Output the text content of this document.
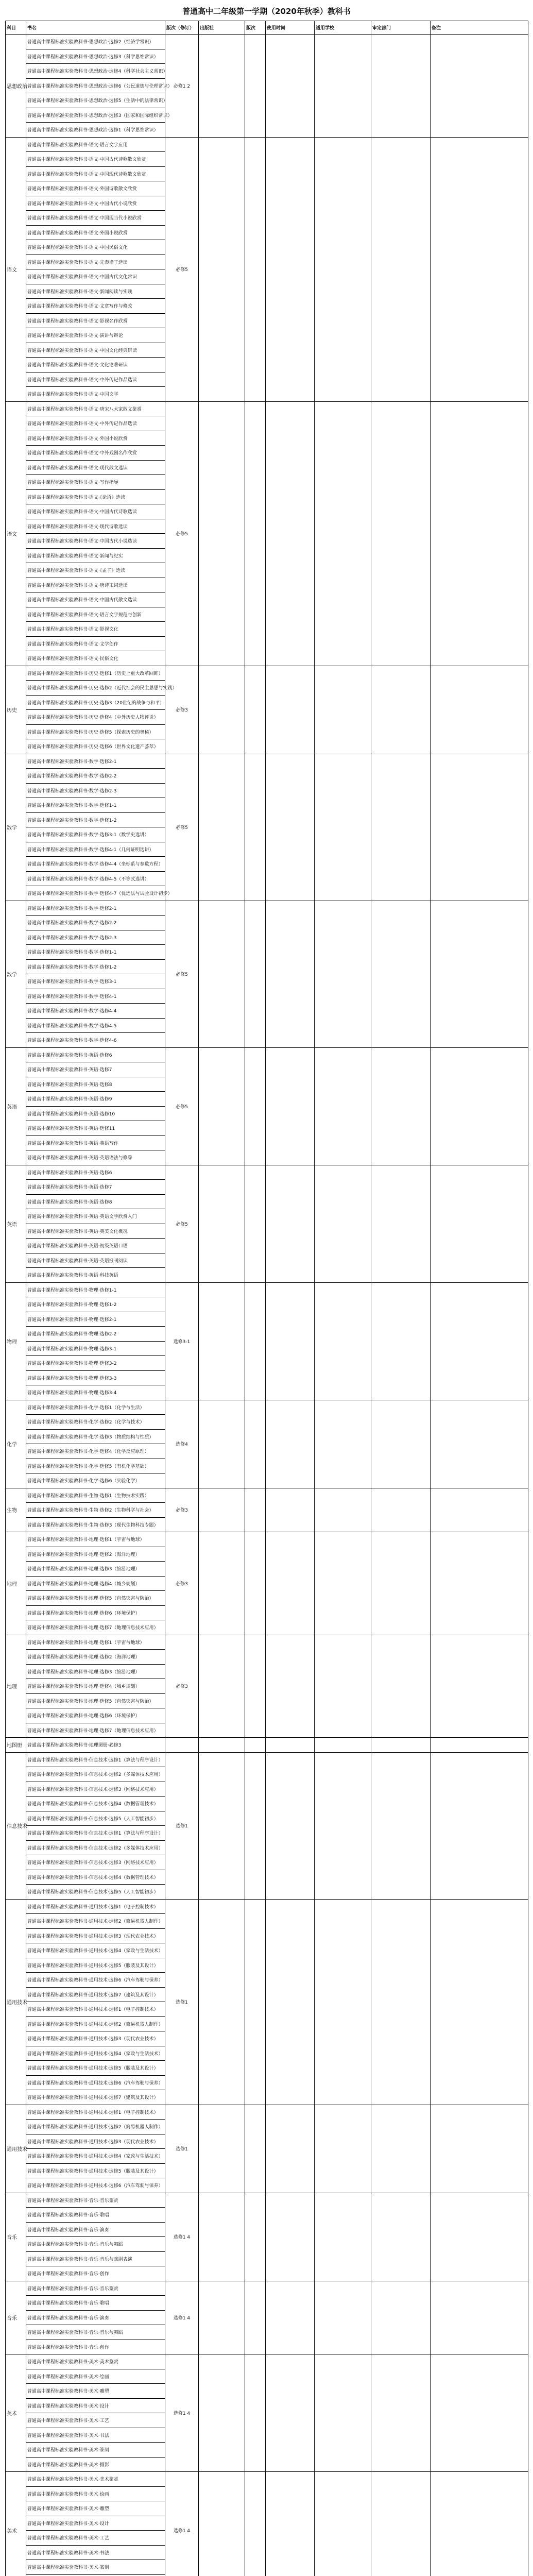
普通高中二年级第一学期（2020年秋季）教科书
科目	书名	版次（修订）	出版社	版次	使用时间	适用学校	审定部门	备注
思想政治	普通高中课程标准实验教科书·思想政治·选修2（经济学常识）	必修1 2						
	普通高中课程标准实验教科书·思想政治·选修3（科学思维常识）							
	普通高中课程标准实验教科书·思想政治·选修4（科学社会主义常识）							
	普通高中课程标准实验教科书·思想政治·选修6（公民道德与伦理常识）							
	普通高中课程标准实验教科书·思想政治·选修5（生活中的法律常识）							
	普通高中课程标准实验教科书·思想政治·选修3（国家和国际组织常识）							
	普通高中课程标准实验教科书·思想政治·选修1（科学思维常识）							
语文	普通高中课程标准实验教科书·语文·语言文字应用	必修5						
	普通高中课程标准实验教科书·语文·中国古代诗歌散文欣赏							
	普通高中课程标准实验教科书·语文·中国现代诗歌散文欣赏							
	普通高中课程标准实验教科书·语文·外国诗歌散文欣赏							
	普通高中课程标准实验教科书·语文·中国古代小说欣赏							
	普通高中课程标准实验教科书·语文·中国现当代小说欣赏							
	普通高中课程标准实验教科书·语文·外国小说欣赏							
	普通高中课程标准实验教科书·语文·中国民俗文化							
	普通高中课程标准实验教科书·语文·先秦诸子选读							
	普通高中课程标准实验教科书·语文·中国古代文化常识							
	普通高中课程标准实验教科书·语文·新闻阅读与实践							
	普通高中课程标准实验教科书·语文·文章写作与修改							
	普通高中课程标准实验教科书·语文·影视名作欣赏							
	普通高中课程标准实验教科书·语文·演讲与辩论							
	普通高中课程标准实验教科书·语文·中国文化经典研读							
	普通高中课程标准实验教科书·语文·文化论著研读							
	普通高中课程标准实验教科书·语文·中外传记作品选读							
	普通高中课程标准实验教科书·语文·中国文学							
语文	普通高中课程标准实验教科书·语文·唐宋八大家散文鉴赏	必修5						
	普通高中课程标准实验教科书·语文·中外传记作品选读							
	普通高中课程标准实验教科书·语文·外国小说欣赏							
	普通高中课程标准实验教科书·语文·中外戏剧名作欣赏							
	普通高中课程标准实验教科书·语文·现代散文选读							
	普通高中课程标准实验教科书·语文·写作指导							
	普通高中课程标准实验教科书·语文·《论语》选读							
	普通高中课程标准实验教科书·语文·中国古代诗歌选读							
	普通高中课程标准实验教科书·语文·现代诗歌选读							
	普通高中课程标准实验教科书·语文·中国古代小说选读							
	普通高中课程标准实验教科书·语文·新闻与纪实							
	普通高中课程标准实验教科书·语文·《孟子》选读							
	普通高中课程标准实验教科书·语文·唐诗宋词选读							
	普通高中课程标准实验教科书·语文·中国古代散文选读							
	普通高中课程标准实验教科书·语文·语言文字规范与创新							
	普通高中课程标准实验教科书·语文·影视文化							
	普通高中课程标准实验教科书·语文·文学创作							
	普通高中课程标准实验教科书·语文·民俗文化							
历史	普通高中课程标准实验教科书·历史·选修1（历史上重大改革回眸）	必修3						
	普通高中课程标准实验教科书·历史·选修2（近代社会的民主思想与实践）							
	普通高中课程标准实验教科书·历史·选修3（20世纪的战争与和平）							
	普通高中课程标准实验教科书·历史·选修4（中外历史人物评说）							
	普通高中课程标准实验教科书·历史·选修5（探索历史的奥秘）							
	普通高中课程标准实验教科书·历史·选修6（世界文化遗产荟萃）							
数学	普通高中课程标准实验教科书·数学·选修2-1	必修5						
	普通高中课程标准实验教科书·数学·选修2-2							
	普通高中课程标准实验教科书·数学·选修2-3							
	普通高中课程标准实验教科书·数学·选修1-1							
	普通高中课程标准实验教科书·数学·选修1-2							
	普通高中课程标准实验教科书·数学·选修3-1（数学史选讲）							
	普通高中课程标准实验教科书·数学·选修4-1（几何证明选讲）							
	普通高中课程标准实验教科书·数学·选修4-4（坐标系与参数方程）							
	普通高中课程标准实验教科书·数学·选修4-5（不等式选讲）							
	普通高中课程标准实验教科书·数学·选修4-7（优选法与试验设计初步）							
数学	普通高中课程标准实验教科书·数学·选修2-1	必修5						
	普通高中课程标准实验教科书·数学·选修2-2							
	普通高中课程标准实验教科书·数学·选修2-3							
	普通高中课程标准实验教科书·数学·选修1-1							
	普通高中课程标准实验教科书·数学·选修1-2							
	普通高中课程标准实验教科书·数学·选修3-1							
	普通高中课程标准实验教科书·数学·选修4-1							
	普通高中课程标准实验教科书·数学·选修4-4							
	普通高中课程标准实验教科书·数学·选修4-5							
	普通高中课程标准实验教科书·数学·选修4-6							
英语	普通高中课程标准实验教科书·英语·选修6	必修5						
	普通高中课程标准实验教科书·英语·选修7							
	普通高中课程标准实验教科书·英语·选修8							
	普通高中课程标准实验教科书·英语·选修9							
	普通高中课程标准实验教科书·英语·选修10							
	普通高中课程标准实验教科书·英语·选修11							
	普通高中课程标准实验教科书·英语·英语写作							
	普通高中课程标准实验教科书·英语·英语语法与修辞							
英语	普通高中课程标准实验教科书·英语·选修6	必修5						
	普通高中课程标准实验教科书·英语·选修7							
	普通高中课程标准实验教科书·英语·选修8							
	普通高中课程标准实验教科书·英语·英语文学欣赏入门							
	普通高中课程标准实验教科书·英语·英美文化概况							
	普通高中课程标准实验教科书·英语·初级英语口语							
	普通高中课程标准实验教科书·英语·英语报刊阅读							
	普通高中课程标准实验教科书·英语·科技英语							
物理	普通高中课程标准实验教科书·物理·选修1-1	选修3-1						
	普通高中课程标准实验教科书·物理·选修1-2							
	普通高中课程标准实验教科书·物理·选修2-1							
	普通高中课程标准实验教科书·物理·选修2-2							
	普通高中课程标准实验教科书·物理·选修3-1							
	普通高中课程标准实验教科书·物理·选修3-2							
	普通高中课程标准实验教科书·物理·选修3-3							
	普通高中课程标准实验教科书·物理·选修3-4							
化学	普通高中课程标准实验教科书·化学·选修1（化学与生活）	选修4						
	普通高中课程标准实验教科书·化学·选修2（化学与技术）							
	普通高中课程标准实验教科书·化学·选修3（物质结构与性质）							
	普通高中课程标准实验教科书·化学·选修4（化学反应原理）							
	普通高中课程标准实验教科书·化学·选修5（有机化学基础）							
	普通高中课程标准实验教科书·化学·选修6（实验化学）							
生物	普通高中课程标准实验教科书·生物·选修1（生物技术实践）	必修3						
	普通高中课程标准实验教科书·生物·选修2（生物科学与社会）							
	普通高中课程标准实验教科书·生物·选修3（现代生物科技专题）							
地理	普通高中课程标准实验教科书·地理·选修1（宇宙与地球）	必修3						
	普通高中课程标准实验教科书·地理·选修2（海洋地理）							
	普通高中课程标准实验教科书·地理·选修3（旅游地理）							
	普通高中课程标准实验教科书·地理·选修4（城乡规划）							
	普通高中课程标准实验教科书·地理·选修5（自然灾害与防治）							
	普通高中课程标准实验教科书·地理·选修6（环境保护）							
	普通高中课程标准实验教科书·地理·选修7（地理信息技术应用）							
地理	普通高中课程标准实验教科书·地理·选修1（宇宙与地球）	必修3						
	普通高中课程标准实验教科书·地理·选修2（海洋地理）							
	普通高中课程标准实验教科书·地理·选修3（旅游地理）							
	普通高中课程标准实验教科书·地理·选修4（城乡规划）							
	普通高中课程标准实验教科书·地理·选修5（自然灾害与防治）							
	普通高中课程标准实验教科书·地理·选修6（环境保护）							
	普通高中课程标准实验教科书·地理·选修7（地理信息技术应用）							
地图册	普通高中课程标准实验教科书·地理图册·必修3							
信息技术	普通高中课程标准实验教科书·信息技术·选修1（算法与程序设计）	选修1						
	普通高中课程标准实验教科书·信息技术·选修2（多媒体技术应用）							
	普通高中课程标准实验教科书·信息技术·选修3（网络技术应用）							
	普通高中课程标准实验教科书·信息技术·选修4（数据管理技术）							
	普通高中课程标准实验教科书·信息技术·选修5（人工智能初步）							
	普通高中课程标准实验教科书·信息技术·选修1（算法与程序设计）							
	普通高中课程标准实验教科书·信息技术·选修2（多媒体技术应用）							
	普通高中课程标准实验教科书·信息技术·选修3（网络技术应用）							
	普通高中课程标准实验教科书·信息技术·选修4（数据管理技术）							
	普通高中课程标准实验教科书·信息技术·选修5（人工智能初步）							
通用技术	普通高中课程标准实验教科书·通用技术·选修1（电子控制技术）	选修1						
	普通高中课程标准实验教科书·通用技术·选修2（简易机器人制作）							
	普通高中课程标准实验教科书·通用技术·选修3（现代农业技术）							
	普通高中课程标准实验教科书·通用技术·选修4（家政与生活技术）							
	普通高中课程标准实验教科书·通用技术·选修5（服装及其设计）							
	普通高中课程标准实验教科书·通用技术·选修6（汽车驾驶与保养）							
	普通高中课程标准实验教科书·通用技术·选修7（建筑及其设计）							
	普通高中课程标准实验教科书·通用技术·选修1（电子控制技术）							
	普通高中课程标准实验教科书·通用技术·选修2（简易机器人制作）							
	普通高中课程标准实验教科书·通用技术·选修3（现代农业技术）							
	普通高中课程标准实验教科书·通用技术·选修4（家政与生活技术）							
	普通高中课程标准实验教科书·通用技术·选修5（服装及其设计）							
	普通高中课程标准实验教科书·通用技术·选修6（汽车驾驶与保养）							
	普通高中课程标准实验教科书·通用技术·选修7（建筑及其设计）							
通用技术	普通高中课程标准实验教科书·通用技术·选修1（电子控制技术）	选修1						
	普通高中课程标准实验教科书·通用技术·选修2（简易机器人制作）							
	普通高中课程标准实验教科书·通用技术·选修3（现代农业技术）							
	普通高中课程标准实验教科书·通用技术·选修4（家政与生活技术）							
	普通高中课程标准实验教科书·通用技术·选修5（服装及其设计）							
	普通高中课程标准实验教科书·通用技术·选修6（汽车驾驶与保养）							
音乐	普通高中课程标准实验教科书·音乐·音乐鉴赏	选修1 4						
	普通高中课程标准实验教科书·音乐·歌唱							
	普通高中课程标准实验教科书·音乐·演奏							
	普通高中课程标准实验教科书·音乐·音乐与舞蹈							
	普通高中课程标准实验教科书·音乐·音乐与戏剧表演							
	普通高中课程标准实验教科书·音乐·创作							
音乐	普通高中课程标准实验教科书·音乐·音乐鉴赏	选修1 4						
	普通高中课程标准实验教科书·音乐·歌唱							
	普通高中课程标准实验教科书·音乐·演奏							
	普通高中课程标准实验教科书·音乐·音乐与舞蹈							
	普通高中课程标准实验教科书·音乐·创作							
美术	普通高中课程标准实验教科书·美术·美术鉴赏	选修1 4						
	普通高中课程标准实验教科书·美术·绘画							
	普通高中课程标准实验教科书·美术·雕塑							
	普通高中课程标准实验教科书·美术·设计							
	普通高中课程标准实验教科书·美术·工艺							
	普通高中课程标准实验教科书·美术·书法							
	普通高中课程标准实验教科书·美术·篆刻							
	普通高中课程标准实验教科书·美术·摄影							
美术	普通高中课程标准实验教科书·美术·美术鉴赏	选修1 4						
	普通高中课程标准实验教科书·美术·绘画							
	普通高中课程标准实验教科书·美术·雕塑							
	普通高中课程标准实验教科书·美术·设计							
	普通高中课程标准实验教科书·美术·工艺							
	普通高中课程标准实验教科书·美术·书法							
	普通高中课程标准实验教科书·美术·篆刻							
